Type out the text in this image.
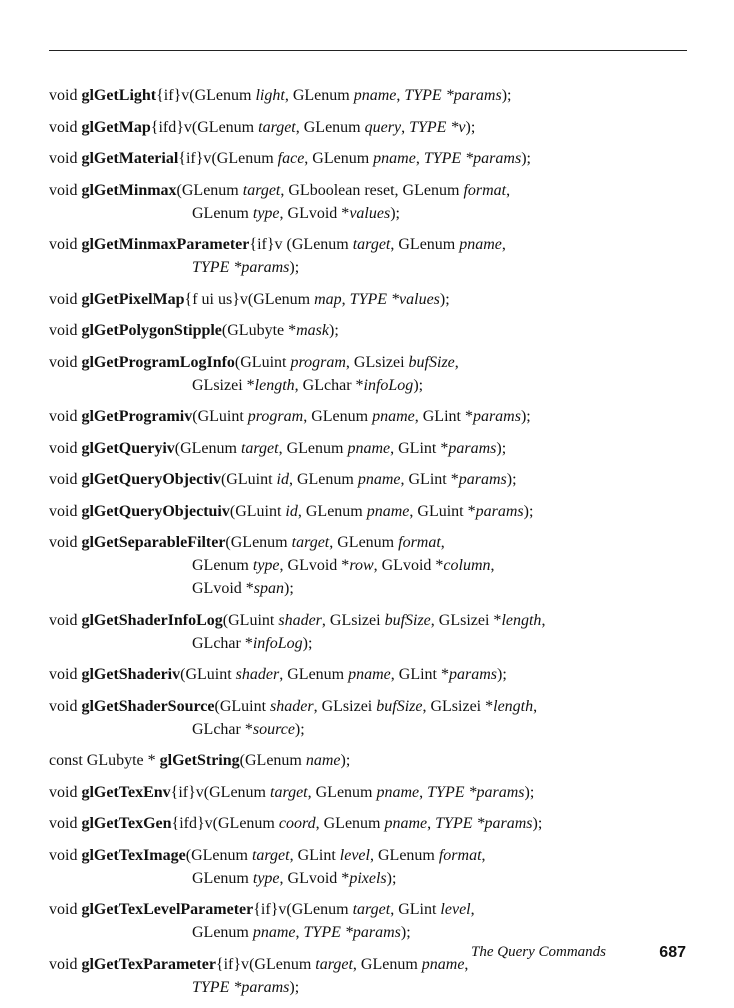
void glGetLight{if}v(GLenum light, GLenum pname, TYPE *params);
void glGetMap{ifd}v(GLenum target, GLenum query, TYPE *v);
void glGetMaterial{if}v(GLenum face, GLenum pname, TYPE *params);
void glGetMinmax(GLenum target, GLboolean reset, GLenum format,
GLenum type, GLvoid *values);
void glGetMinmaxParameter{if}v (GLenum target, GLenum pname,
TYPE *params);
void glGetPixelMap{f ui us}v(GLenum map, TYPE *values);
void glGetPolygonStipple(GLubyte *mask);
void glGetProgramLogInfo(GLuint program, GLsizei bufSize,
GLsizei *length, GLchar *infoLog);
void glGetProgramiv(GLuint program, GLenum pname, GLint *params);
void glGetQueryiv(GLenum target, GLenum pname, GLint *params);
void glGetQueryObjectiv(GLuint id, GLenum pname, GLint *params);
void glGetQueryObjectuiv(GLuint id, GLenum pname, GLuint *params);
void glGetSeparableFilter(GLenum target, GLenum format,
GLenum type, GLvoid *row, GLvoid *column,
GLvoid *span);
void glGetShaderInfoLog(GLuint shader, GLsizei bufSize, GLsizei *length,
GLchar *infoLog);
void glGetShaderiv(GLuint shader, GLenum pname, GLint *params);
void glGetShaderSource(GLuint shader, GLsizei bufSize, GLsizei *length,
GLchar *source);
const GLubyte * glGetString(GLenum name);
void glGetTexEnv{if}v(GLenum target, GLenum pname, TYPE *params);
void glGetTexGen{ifd}v(GLenum coord, GLenum pname, TYPE *params);
void glGetTexImage(GLenum target, GLint level, GLenum format,
GLenum type, GLvoid *pixels);
void glGetTexLevelParameter{if}v(GLenum target, GLint level,
GLenum pname, TYPE *params);
void glGetTexParameter{if}v(GLenum target, GLenum pname,
TYPE *params);
The Query Commands	687
